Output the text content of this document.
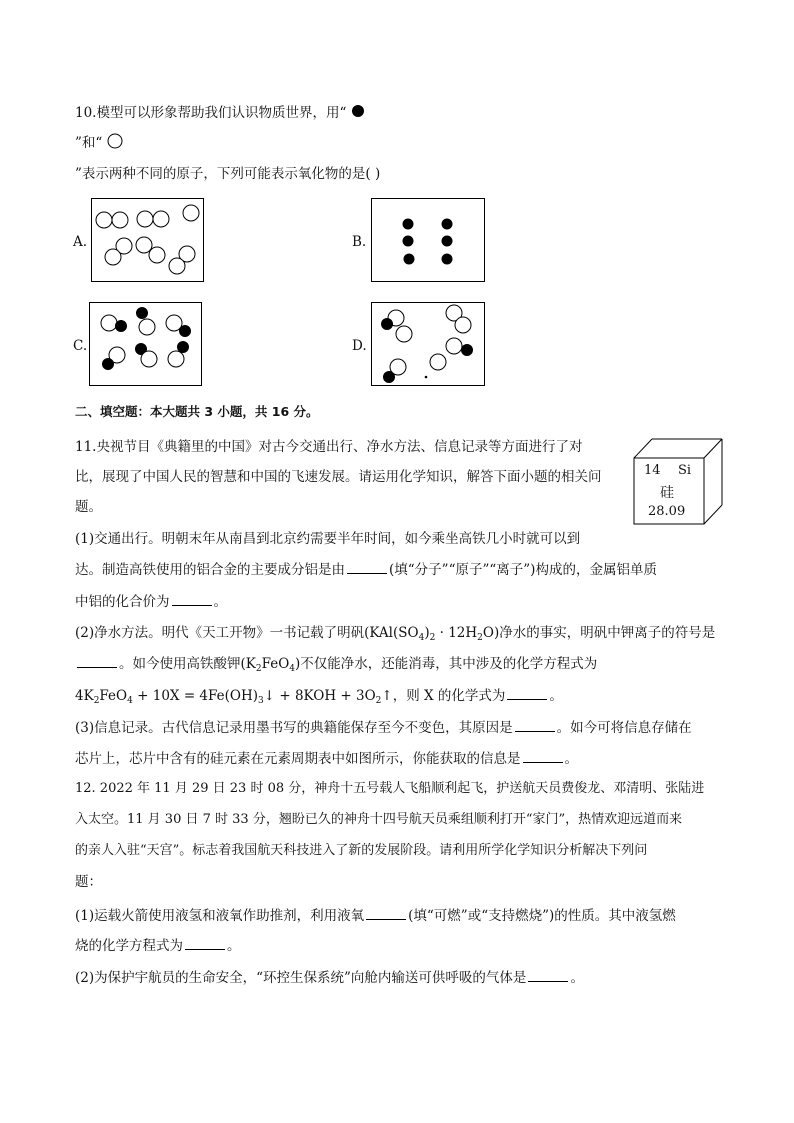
10.模型可以形象帮助我们认识物质世界，用“
”和“
”表示两种不同的原子，下列可能表示氧化物的是( )
A.	B.
C.	D.
二、填空题：本大题共 3 小题，共 16 分。
11.央视节目《典籍里的中国》对古今交通出行、净水方法、信息记录等方面进行了对
比，展现了中国人民的智慧和中国的飞速发展。请运用化学知识，解答下面小题的相关问
题。
14 Si
硅
28.09
(1)交通出行。明朝末年从南昌到北京约需要半年时间，如今乘坐高铁几小时就可以到
达。制造高铁使用的铝合金的主要成分铝是由	(填“分子”“原子”“离子”)构成的，金属铝单质
中铝的化合价为	。
(2)净水方法。明代《天工开物》一书记载了明矾$(KAl(SO_4)_2 \cdot 12H_2O)$净水的事实，明矾中钾离子的符号是
。如今使用高铁酸钾$(K_2FeO_4)$不仅能净水，还能消毒，其中涉及的化学方程式为
$4K_2FeO_4 + 10X$ = $4Fe(OH)_3↓ + 8KOH$ + $3O_2↑$，则 X 的化学式为	。
(3)信息记录。古代信息记录用墨书写的典籍能保存至今不变色，其原因是	。如今可将信息存储在
芯片上，芯片中含有的硅元素在元素周期表中如图所示，你能获取的信息是	。
12. 2022 年 11 月 29 日 23 时 08 分，神舟十五号载人飞船顺利起飞，护送航天员费俊龙、邓清明、张陆进
入太空。11 月 30 日 7 时 33 分，翘盼已久的神舟十四号航天员乘组顺利打开“家门”，热情欢迎远道而来
的亲人入驻“天宫”。标志着我国航天科技进入了新的发展阶段。请利用所学化学知识分析解决下列问
题：
(1)运载火箭使用液氢和液氧作助推剂，利用液氧	(填“可燃”或“支持燃烧”)的性质。其中液氢燃
烧的化学方程式为	。
(2)为保护宇航员的生命安全，“环控生保系统”向舱内输送可供呼吸的气体是	。
